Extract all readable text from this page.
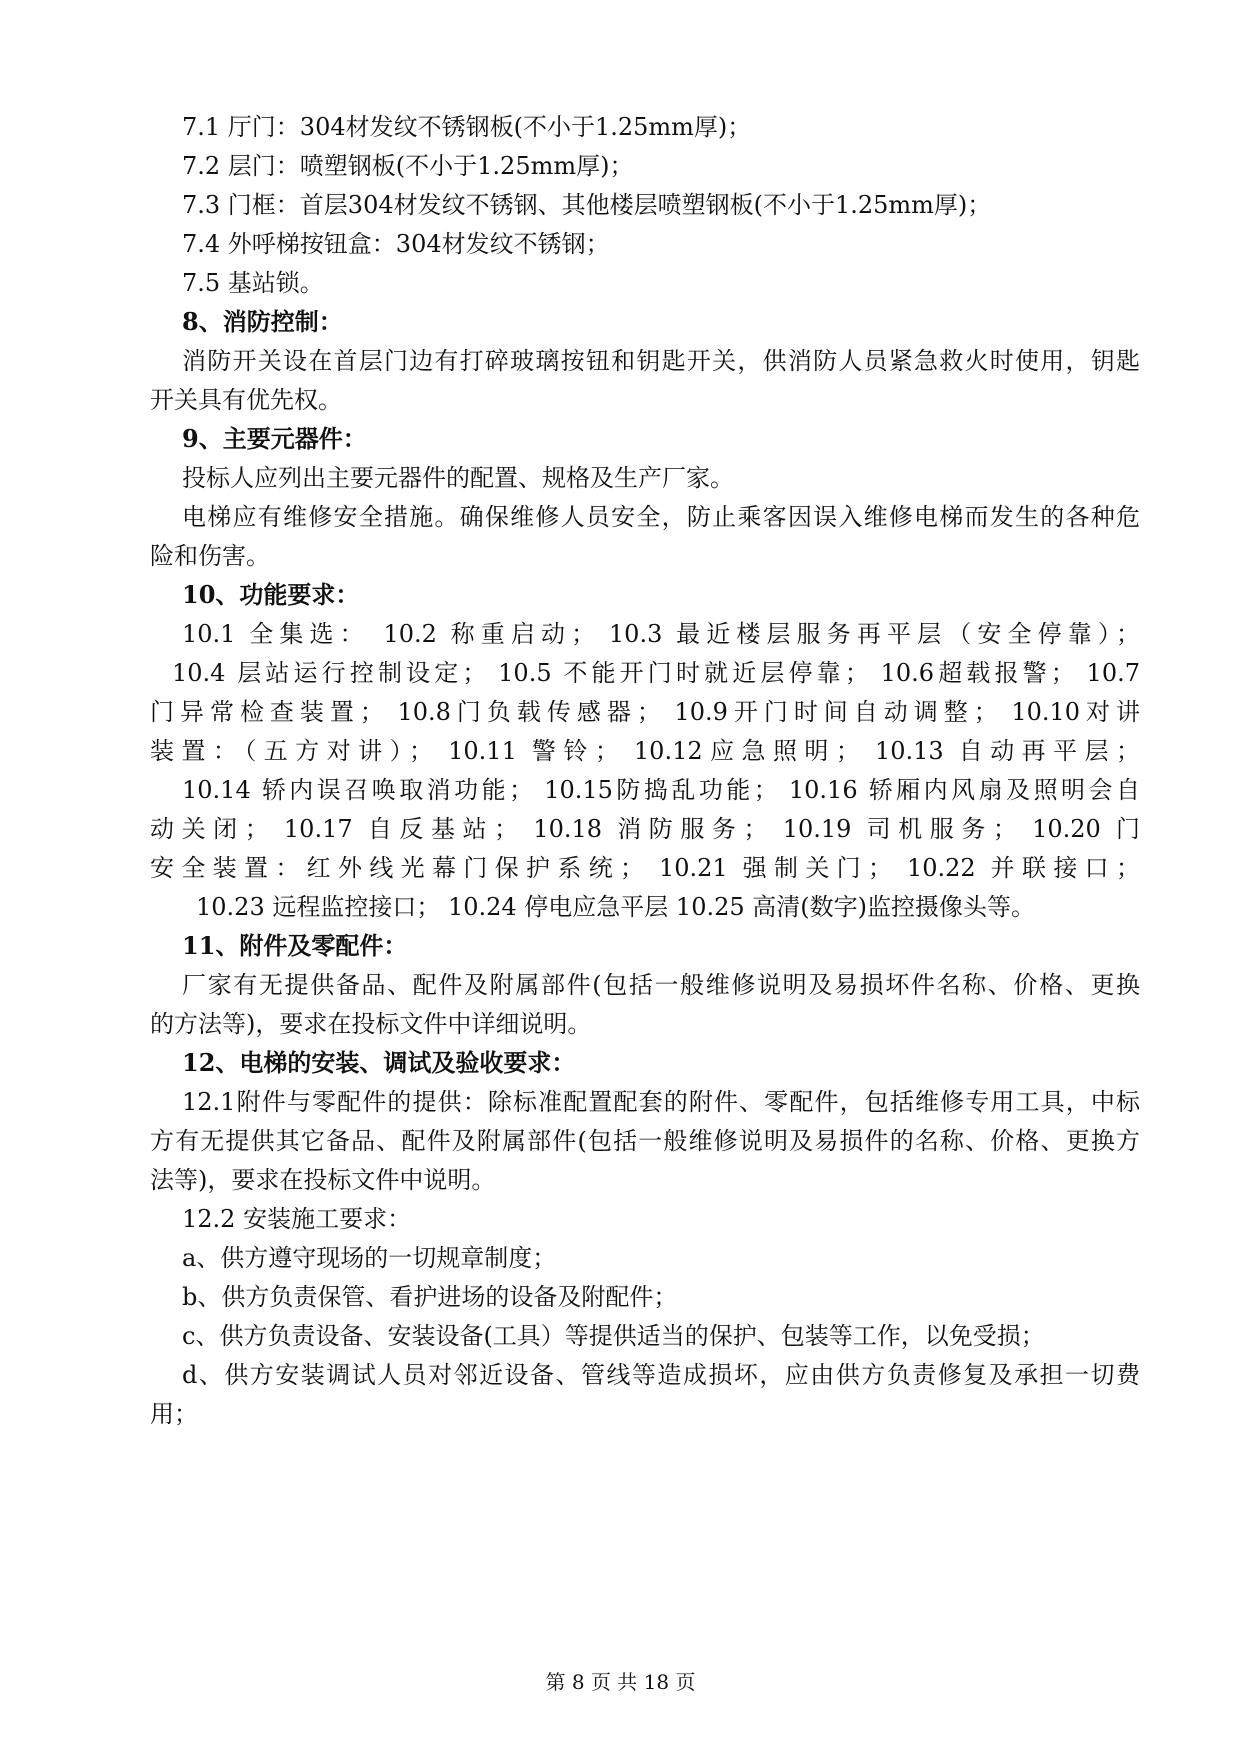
7.1 厅门：304材发纹不锈钢板(不小于1.25mm厚)；
7.2 层门：喷塑钢板(不小于1.25mm厚)；
7.3 门框：首层304材发纹不锈钢、其他楼层喷塑钢板(不小于1.25mm厚)；
7.4 外呼梯按钮盒：304材发纹不锈钢；
7.5 基站锁。
8、消防控制：
消防开关设在首层门边有打碎玻璃按钮和钥匙开关，供消防人员紧急救火时使用，钥匙
开关具有优先权。
9、主要元器件：
投标人应列出主要元器件的配置、规格及生产厂家。
电梯应有维修安全措施。确保维修人员安全，防止乘客因误入维修电梯而发生的各种危
险和伤害。
10、功能要求：
10.1 全集选： 10.2 称重启动； 10.3 最近楼层服务再平层（安全停靠）；
10.4 层站运行控制设定； 10.5 不能开门时就近层停靠； 10.6超载报警； 10.7
门异常检查装置； 10.8门负载传感器； 10.9开门时间自动调整； 10.10对讲
装置：（五方对讲）； 10.11 警铃； 10.12应急照明； 10.13 自动再平层；
10.14 轿内误召唤取消功能； 10.15防捣乱功能； 10.16 轿厢内风扇及照明会自
动关闭； 10.17 自反基站； 10.18 消防服务； 10.19 司机服务； 10.20 门
安全装置：红外线光幕门保护系统； 10.21 强制关门； 10.22 并联接口；
10.23 远程监控接口； 10.24 停电应急平层 10.25 高清(数字)监控摄像头等。
11、附件及零配件：
厂家有无提供备品、配件及附属部件(包括一般维修说明及易损坏件名称、价格、更换
的方法等)，要求在投标文件中详细说明。
12、电梯的安装、调试及验收要求：
12.1附件与零配件的提供：除标准配置配套的附件、零配件，包括维修专用工具，中标
方有无提供其它备品、配件及附属部件(包括一般维修说明及易损件的名称、价格、更换方
法等)，要求在投标文件中说明。
12.2 安装施工要求：
a、供方遵守现场的一切规章制度；
b、供方负责保管、看护进场的设备及附配件；
c、供方负责设备、安装设备(工具）等提供适当的保护、包装等工作，以免受损；
d、供方安装调试人员对邻近设备、管线等造成损坏，应由供方负责修复及承担一切费
用；
第 8 页 共 18 页
